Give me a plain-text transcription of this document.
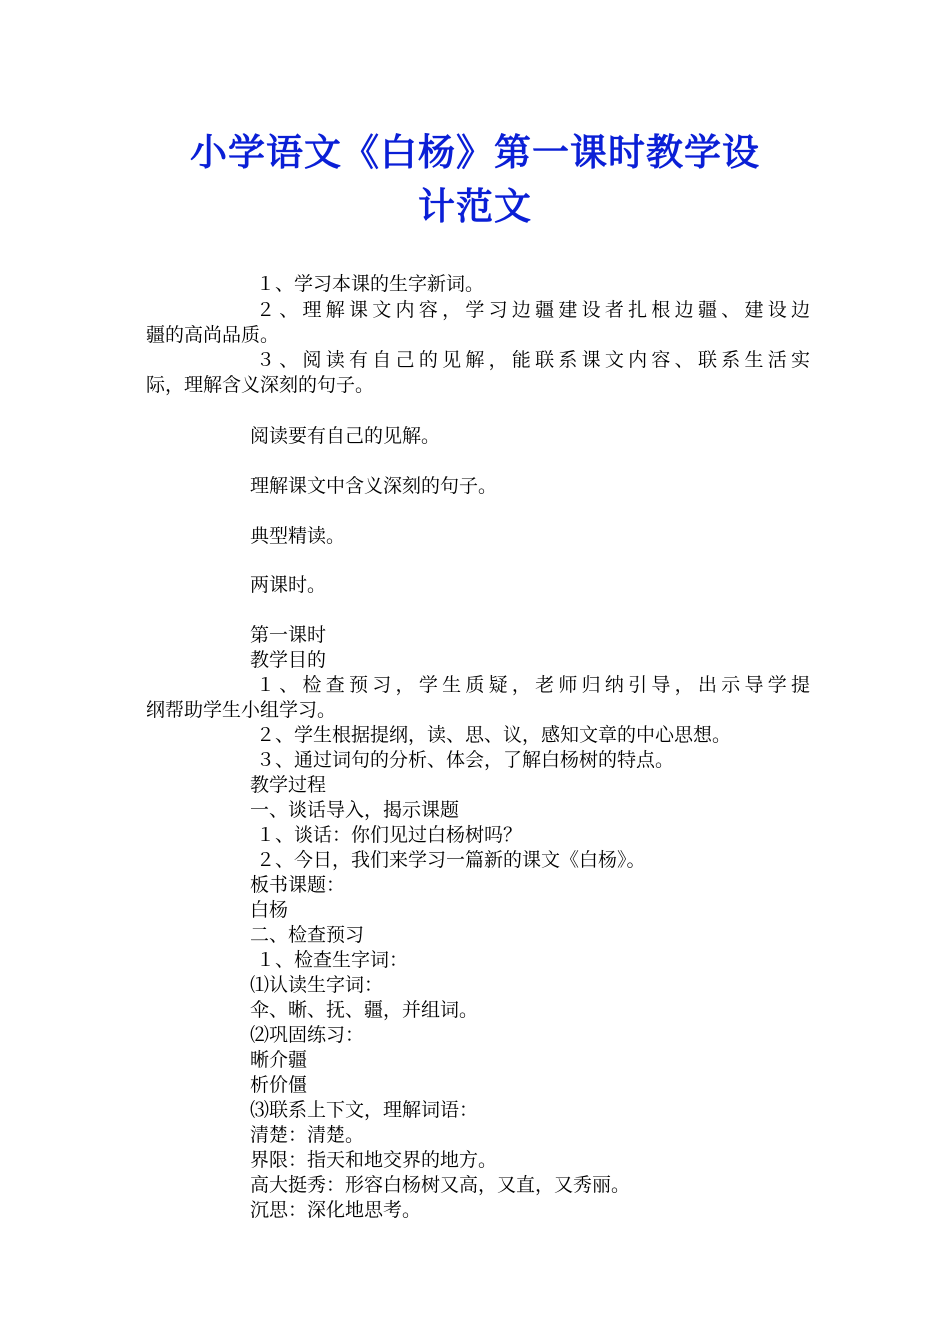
小学语文《白杨》第一课时教学设
计范文
１、学习本课的生字新词。
２、理解课文内容，学习边疆建设者扎根边疆、建设边
疆的高尚品质。
３、阅读有自己的见解，能联系课文内容、联系生活实
际，理解含义深刻的句子。
阅读要有自己的见解。
理解课文中含义深刻的句子。
典型精读。
两课时。
第一课时
教学目的
１、检查预习，学生质疑，老师归纳引导，出示导学提
纲帮助学生小组学习。
２、学生根据提纲，读、思、议，感知文章的中心思想。
３、通过词句的分析、体会，了解白杨树的特点。
教学过程
一、谈话导入，揭示课题
１、谈话：你们见过白杨树吗？
２、今日，我们来学习一篇新的课文《白杨》。
板书课题：
白杨
二、检查预习
１、检查生字词：
⑴认读生字词：
伞、晰、抚、疆，并组词。
⑵巩固练习：
晰介疆
析价僵
⑶联系上下文，理解词语：
清楚：清楚。
界限：指天和地交界的地方。
高大挺秀：形容白杨树又高，又直，又秀丽。
沉思：深化地思考。
